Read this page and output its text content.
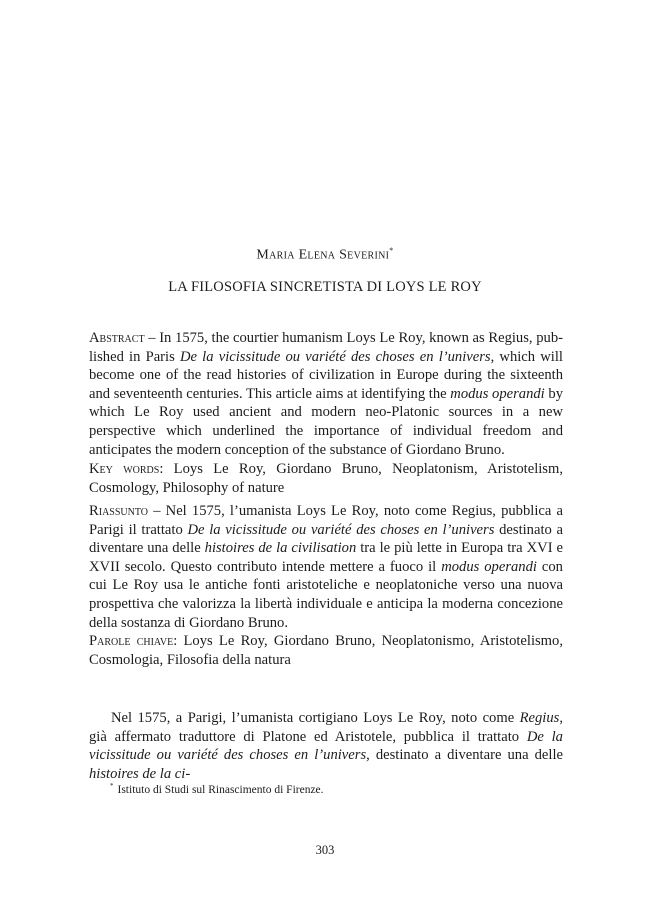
Maria Elena Severini*
LA FILOSOFIA SINCRETISTA DI LOYS LE ROY

Abstract – In 1575, the courtier humanism Loys Le Roy, known as Regius, published in Paris De la vicissitude ou variété des choses en l’univers, which will become one of the read histories of civilization in Europe during the sixteenth and seventeenth centuries. This article aims at identifying the modus operandi by which Le Roy used ancient and modern neo-Platonic sources in a new perspective which underlined the importance of individual freedom and anticipates the modern conception of the substance of Giordano Bruno.

Key words: Loys Le Roy, Giordano Bruno, Neoplatonism, Aristotelism, Cosmology, Philosophy of nature

Riassunto – Nel 1575, l’umanista Loys Le Roy, noto come Regius, pubblica a Parigi il trattato De la vicissitude ou variété des choses en l’univers destinato a diventare una delle histoires de la civilisation tra le più lette in Europa tra XVI e XVII secolo. Questo contributo intende mettere a fuoco il modus operandi con cui Le Roy usa le antiche fonti aristoteliche e neoplatoniche verso una nuova prospettiva che valorizza la libertà individuale e anticipa la moderna concezione della sostanza di Giordano Bruno.

Parole chiave: Loys Le Roy, Giordano Bruno, Neoplatonismo, Aristotelismo, Cosmologia, Filosofia della natura

Nel 1575, a Parigi, l’umanista cortigiano Loys Le Roy, noto come Regius, già affermato traduttore di Platone ed Aristotele, pubblica il trattato De la vicissitude ou variété des choses en l’univers, destinato a diventare una delle histoires de la ci-

* Istituto di Studi sul Rinascimento di Firenze.
303
